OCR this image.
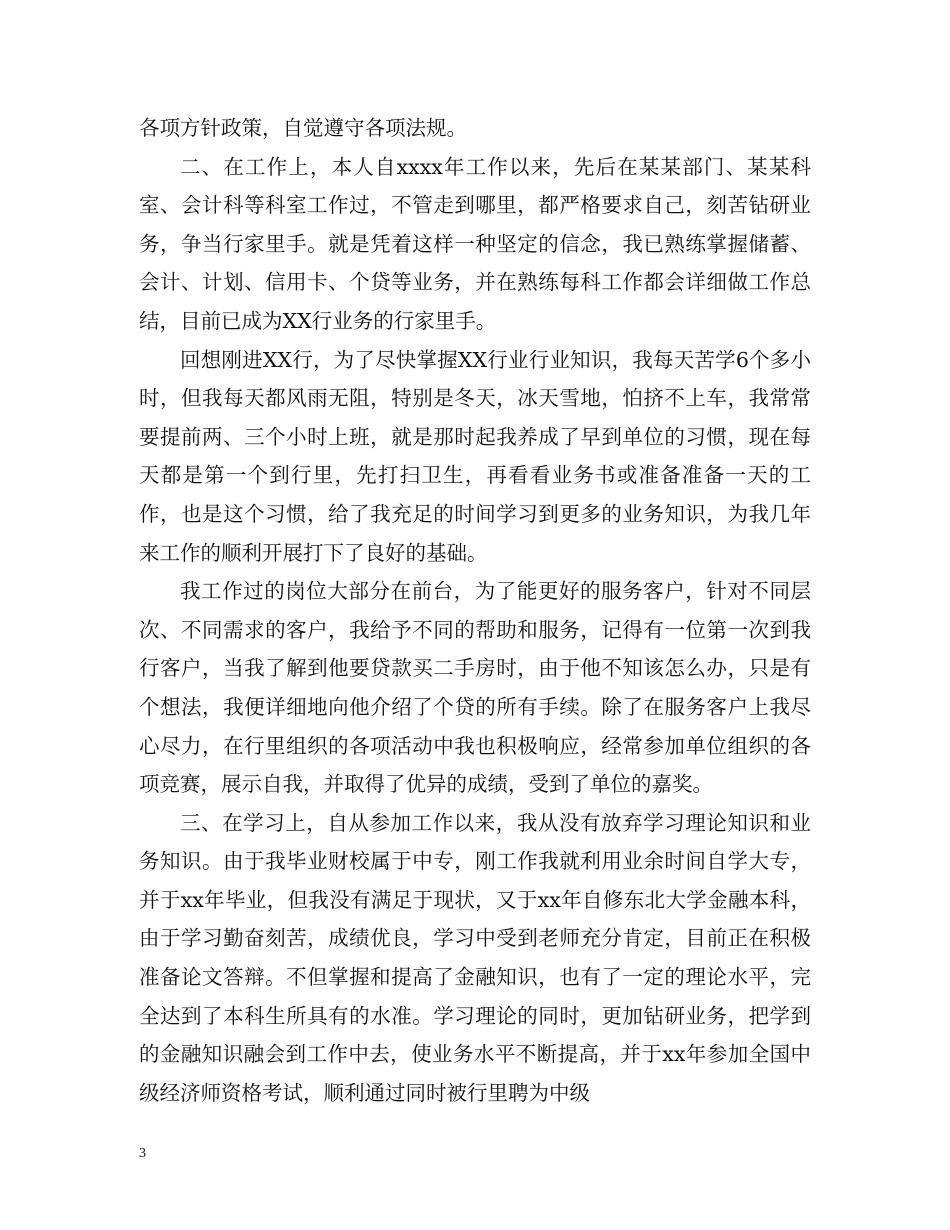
各项方针政策，自觉遵守各项法规。

二、在工作上，本人自xxxx年工作以来，先后在某某部门、某某科室、会计科等科室工作过，不管走到哪里，都严格要求自己，刻苦钻研业务，争当行家里手。就是凭着这样一种坚定的信念，我已熟练掌握储蓄、会计、计划、信用卡、个贷等业务，并在熟练每科工作都会详细做工作总结，目前已成为XX行业务的行家里手。

回想刚进XX行，为了尽快掌握XX行业行业知识，我每天苦学6个多小时，但我每天都风雨无阻，特别是冬天，冰天雪地，怕挤不上车，我常常要提前两、三个小时上班，就是那时起我养成了早到单位的习惯，现在每天都是第一个到行里，先打扫卫生，再看看业务书或准备准备一天的工作，也是这个习惯，给了我充足的时间学习到更多的业务知识，为我几年来工作的顺利开展打下了良好的基础。

我工作过的岗位大部分在前台，为了能更好的服务客户，针对不同层次、不同需求的客户，我给予不同的帮助和服务，记得有一位第一次到我行客户，当我了解到他要贷款买二手房时，由于他不知该怎么办，只是有个想法，我便详细地向他介绍了个贷的所有手续。除了在服务客户上我尽心尽力，在行里组织的各项活动中我也积极响应，经常参加单位组织的各项竞赛，展示自我，并取得了优异的成绩，受到了单位的嘉奖。

三、在学习上，自从参加工作以来，我从没有放弃学习理论知识和业务知识。由于我毕业财校属于中专，刚工作我就利用业余时间自学大专，并于xx年毕业，但我没有满足于现状，又于xx年自修东北大学金融本科，由于学习勤奋刻苦，成绩优良，学习中受到老师充分肯定，目前正在积极准备论文答辩。不但掌握和提高了金融知识，也有了一定的理论水平，完全达到了本科生所具有的水准。学习理论的同时，更加钻研业务，把学到的金融知识融会到工作中去，使业务水平不断提高，并于xx年参加全国中级经济师资格考试，顺利通过同时被行里聘为中级

3
